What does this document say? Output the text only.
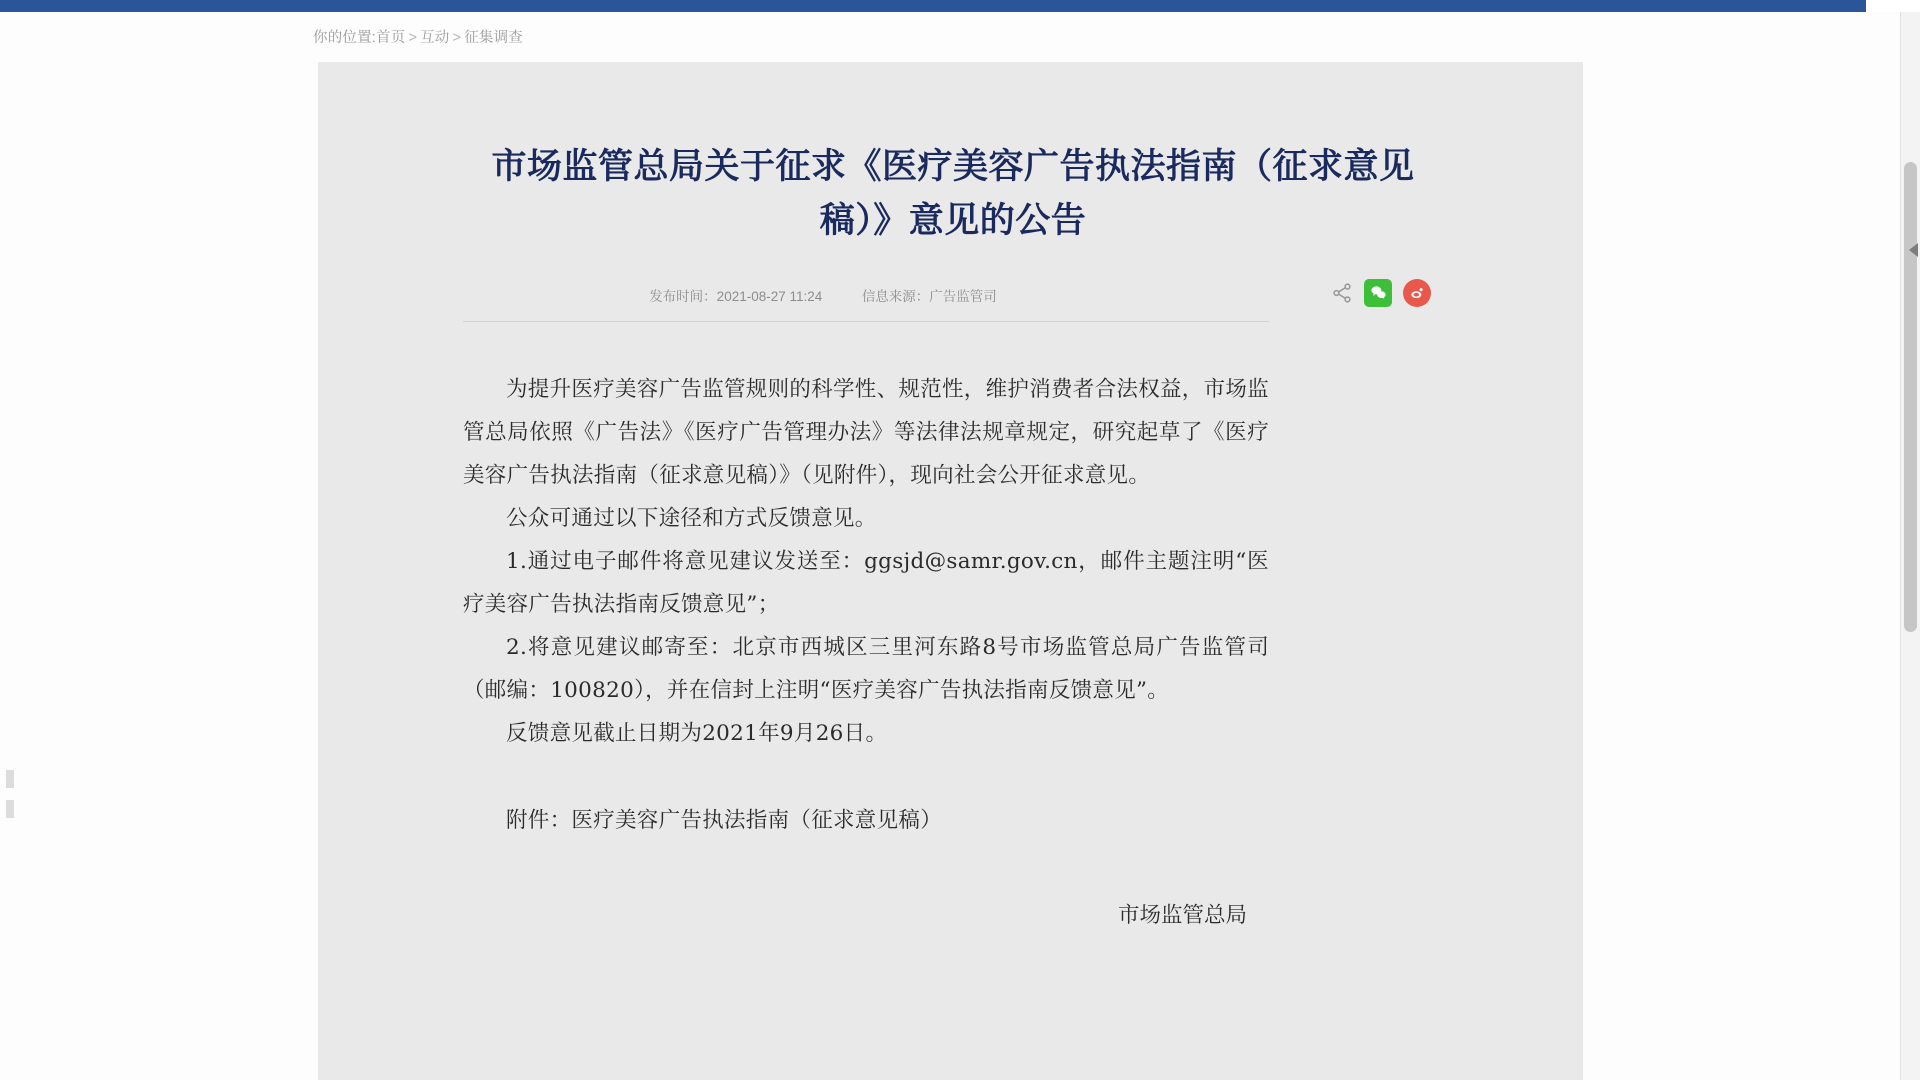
你的位置:首页 > 互动 > 征集调查
市场监管总局关于征求《医疗美容广告执法指南（征求意见稿）》意见的公告
发布时间：2021-08-27 11:24	信息来源：广告监管司

为提升医疗美容广告监管规则的科学性、规范性，维护消费者合法权益，市场监管总局依照《广告法》《医疗广告管理办法》等法律法规章规定，研究起草了《医疗美容广告执法指南（征求意见稿）》（见附件），现向社会公开征求意见。

公众可通过以下途径和方式反馈意见。

1.通过电子邮件将意见建议发送至：ggsjd@samr.gov.cn，邮件主题注明“医疗美容广告执法指南反馈意见”；

2.将意见建议邮寄至：北京市西城区三里河东路8号市场监管总局广告监管司（邮编：100820），并在信封上注明“医疗美容广告执法指南反馈意见”。

反馈意见截止日期为2021年9月26日。

附件：医疗美容广告执法指南（征求意见稿）

市场监管总局
